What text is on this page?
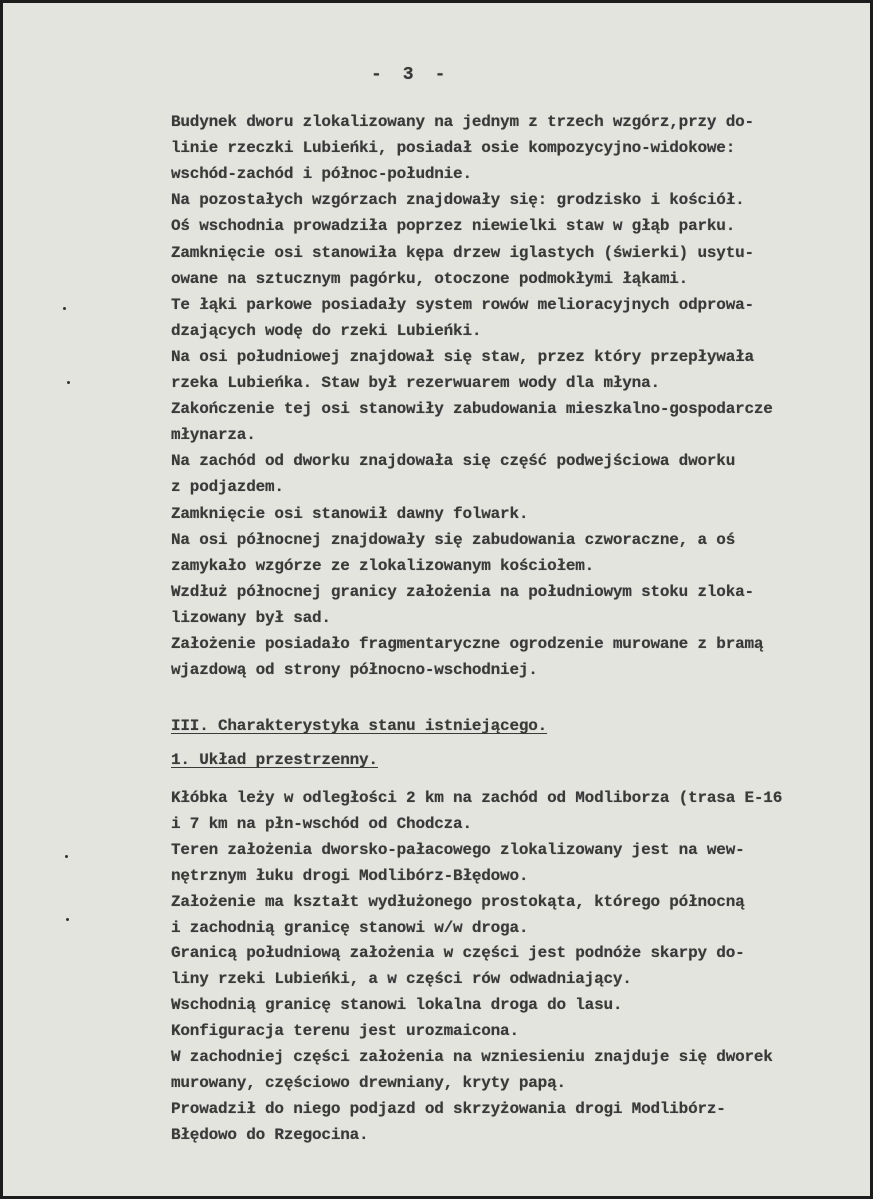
-  3  -
Budynek dworu zlokalizowany na jednym z trzech wzgórz,przy do-
linie rzeczki Lubieńki, posiadał osie kompozycyjno-widokowe:
wschód-zachód i północ-południe.
Na pozostałych wzgórzach znajdowały się: grodzisko i kościół.
Oś wschodnia prowadziła poprzez niewielki staw w głąb parku.
Zamknięcie osi stanowiła kępa drzew iglastych (świerki) usytu-
owane na sztucznym pagórku, otoczone podmokłymi łąkami.
Te łąki parkowe posiadały system rowów melioracyjnych odprowa-
dzających wodę do rzeki Lubieńki.
Na osi południowej znajdował się staw, przez który przepływała
rzeka Lubieńka. Staw był rezerwuarem wody dla młyna.
Zakończenie tej osi stanowiły zabudowania mieszkalno-gospodarcze
młynarza.
Na zachód od dworku znajdowała się część podwejściowa dworku
z podjazdem.
Zamknięcie osi stanowił dawny folwark.
Na osi północnej znajdowały się zabudowania czworaczne, a oś
zamykało wzgórze ze zlokalizowanym kościołem.
Wzdłuż północnej granicy założenia na południowym stoku zloka-
lizowany był sad.
Założenie posiadało fragmentaryczne ogrodzenie murowane z bramą
wjazdową od strony północno-wschodniej.
III. Charakterystyka stanu istniejącego.
1. Układ przestrzenny.
Kłóbka leży w odległości 2 km na zachód od Modliborza (trasa E-16
i 7 km na płn-wschód od Chodcza.
Teren założenia dworsko-pałacowego zlokalizowany jest na wew-
nętrznym łuku drogi Modlibórz-Błędowo.
Założenie ma kształt wydłużonego prostokąta, którego północną
i zachodnią granicę stanowi w/w droga.
Granicą południową założenia w części jest podnóże skarpy do-
liny rzeki Lubieńki, a w części rów odwadniający.
Wschodnią granicę stanowi lokalna droga do lasu.
Konfiguracja terenu jest urozmaicona.
W zachodniej części założenia na wzniesieniu znajduje się dworek
murowany, częściowo drewniany, kryty papą.
Prowadził do niego podjazd od skrzyżowania drogi Modlibórz-
Błędowo do Rzegocina.
